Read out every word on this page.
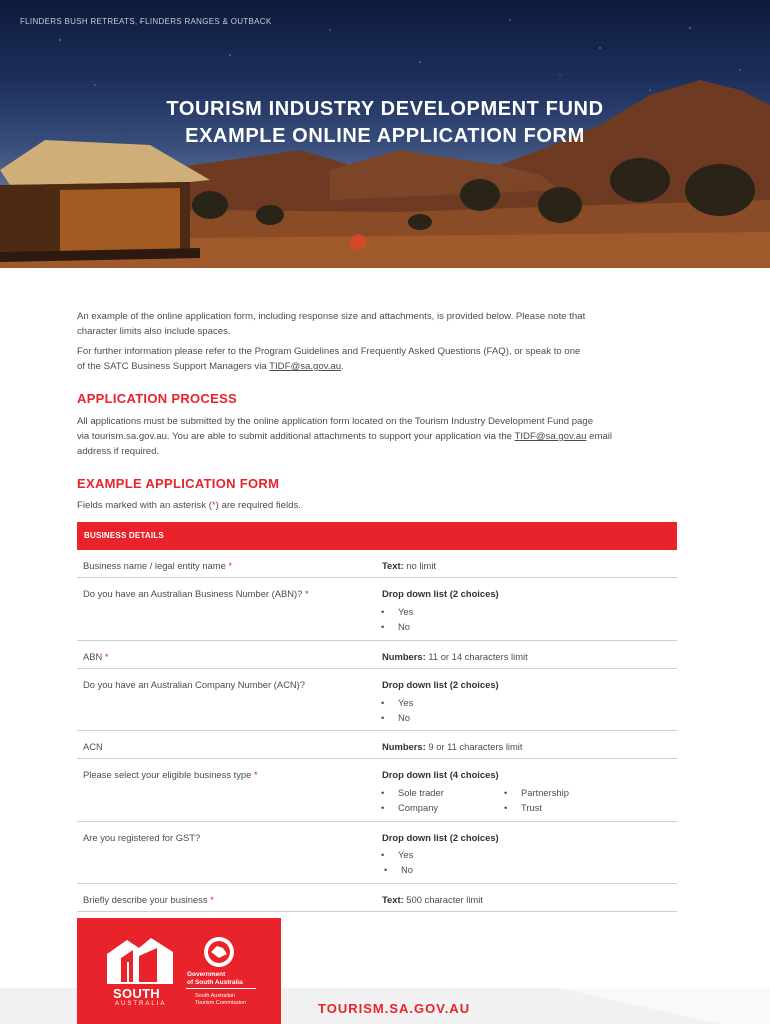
FLINDERS BUSH RETREATS, FLINDERS RANGES & OUTBACK
TOURISM INDUSTRY DEVELOPMENT FUND
EXAMPLE ONLINE APPLICATION FORM
An example of the online application form, including response size and attachments, is provided below. Please note that
character limits also include spaces.
For further information please refer to the Program Guidelines and Frequently Asked Questions (FAQ), or speak to one
of the SATC Business Support Managers via TIDF@sa.gov.au.
APPLICATION PROCESS
All applications must be submitted by the online application form located on the Tourism Industry Development Fund page
via tourism.sa.gov.au. You are able to submit additional attachments to support your application via the TIDF@sa.gov.au email
address if required.
EXAMPLE APPLICATION FORM
Fields marked with an asterisk (*) are required fields.
BUSINESS DETAILS
Business name / legal entity name *	Text: no limit
Do you have an Australian Business Number (ABN)? *	Drop down list (2 choices)
• Yes
• No
ABN *	Numbers: 11 or 14 characters limit
Do you have an Australian Company Number (ACN)?	Drop down list (2 choices)
• Yes
• No
ACN	Numbers: 9 or 11 characters limit
Please select your eligible business type *	Drop down list (4 choices)
• Sole trader
• Company
• Partnership
• Trust
Are you registered for GST?	Drop down list (2 choices)
• Yes
• No
Briefly describe your business *	Text: 500 character limit
SOUTH
AUSTRALIA
Government
of South Australia
South Australian
Tourism Commission	TOURISM.SA.GOV.AU
